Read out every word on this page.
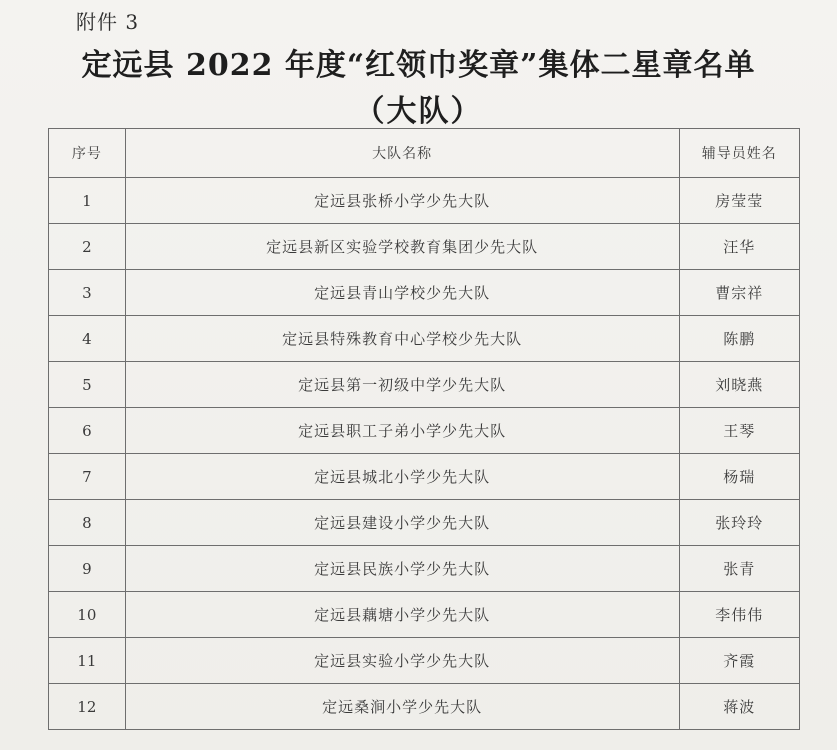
附件 3
定远县 2022 年度“红领巾奖章”集体二星章名单
（大队）
序号	大队名称	辅导员姓名
1	定远县张桥小学少先大队	房莹莹
2	定远县新区实验学校教育集团少先大队	汪华
3	定远县青山学校少先大队	曹宗祥
4	定远县特殊教育中心学校少先大队	陈鹏
5	定远县第一初级中学少先大队	刘晓燕
6	定远县职工子弟小学少先大队	王琴
7	定远县城北小学少先大队	杨瑞
8	定远县建设小学少先大队	张玲玲
9	定远县民族小学少先大队	张青
10	定远县藕塘小学少先大队	李伟伟
11	定远县实验小学少先大队	齐霞
12	定远桑涧小学少先大队	蒋波
